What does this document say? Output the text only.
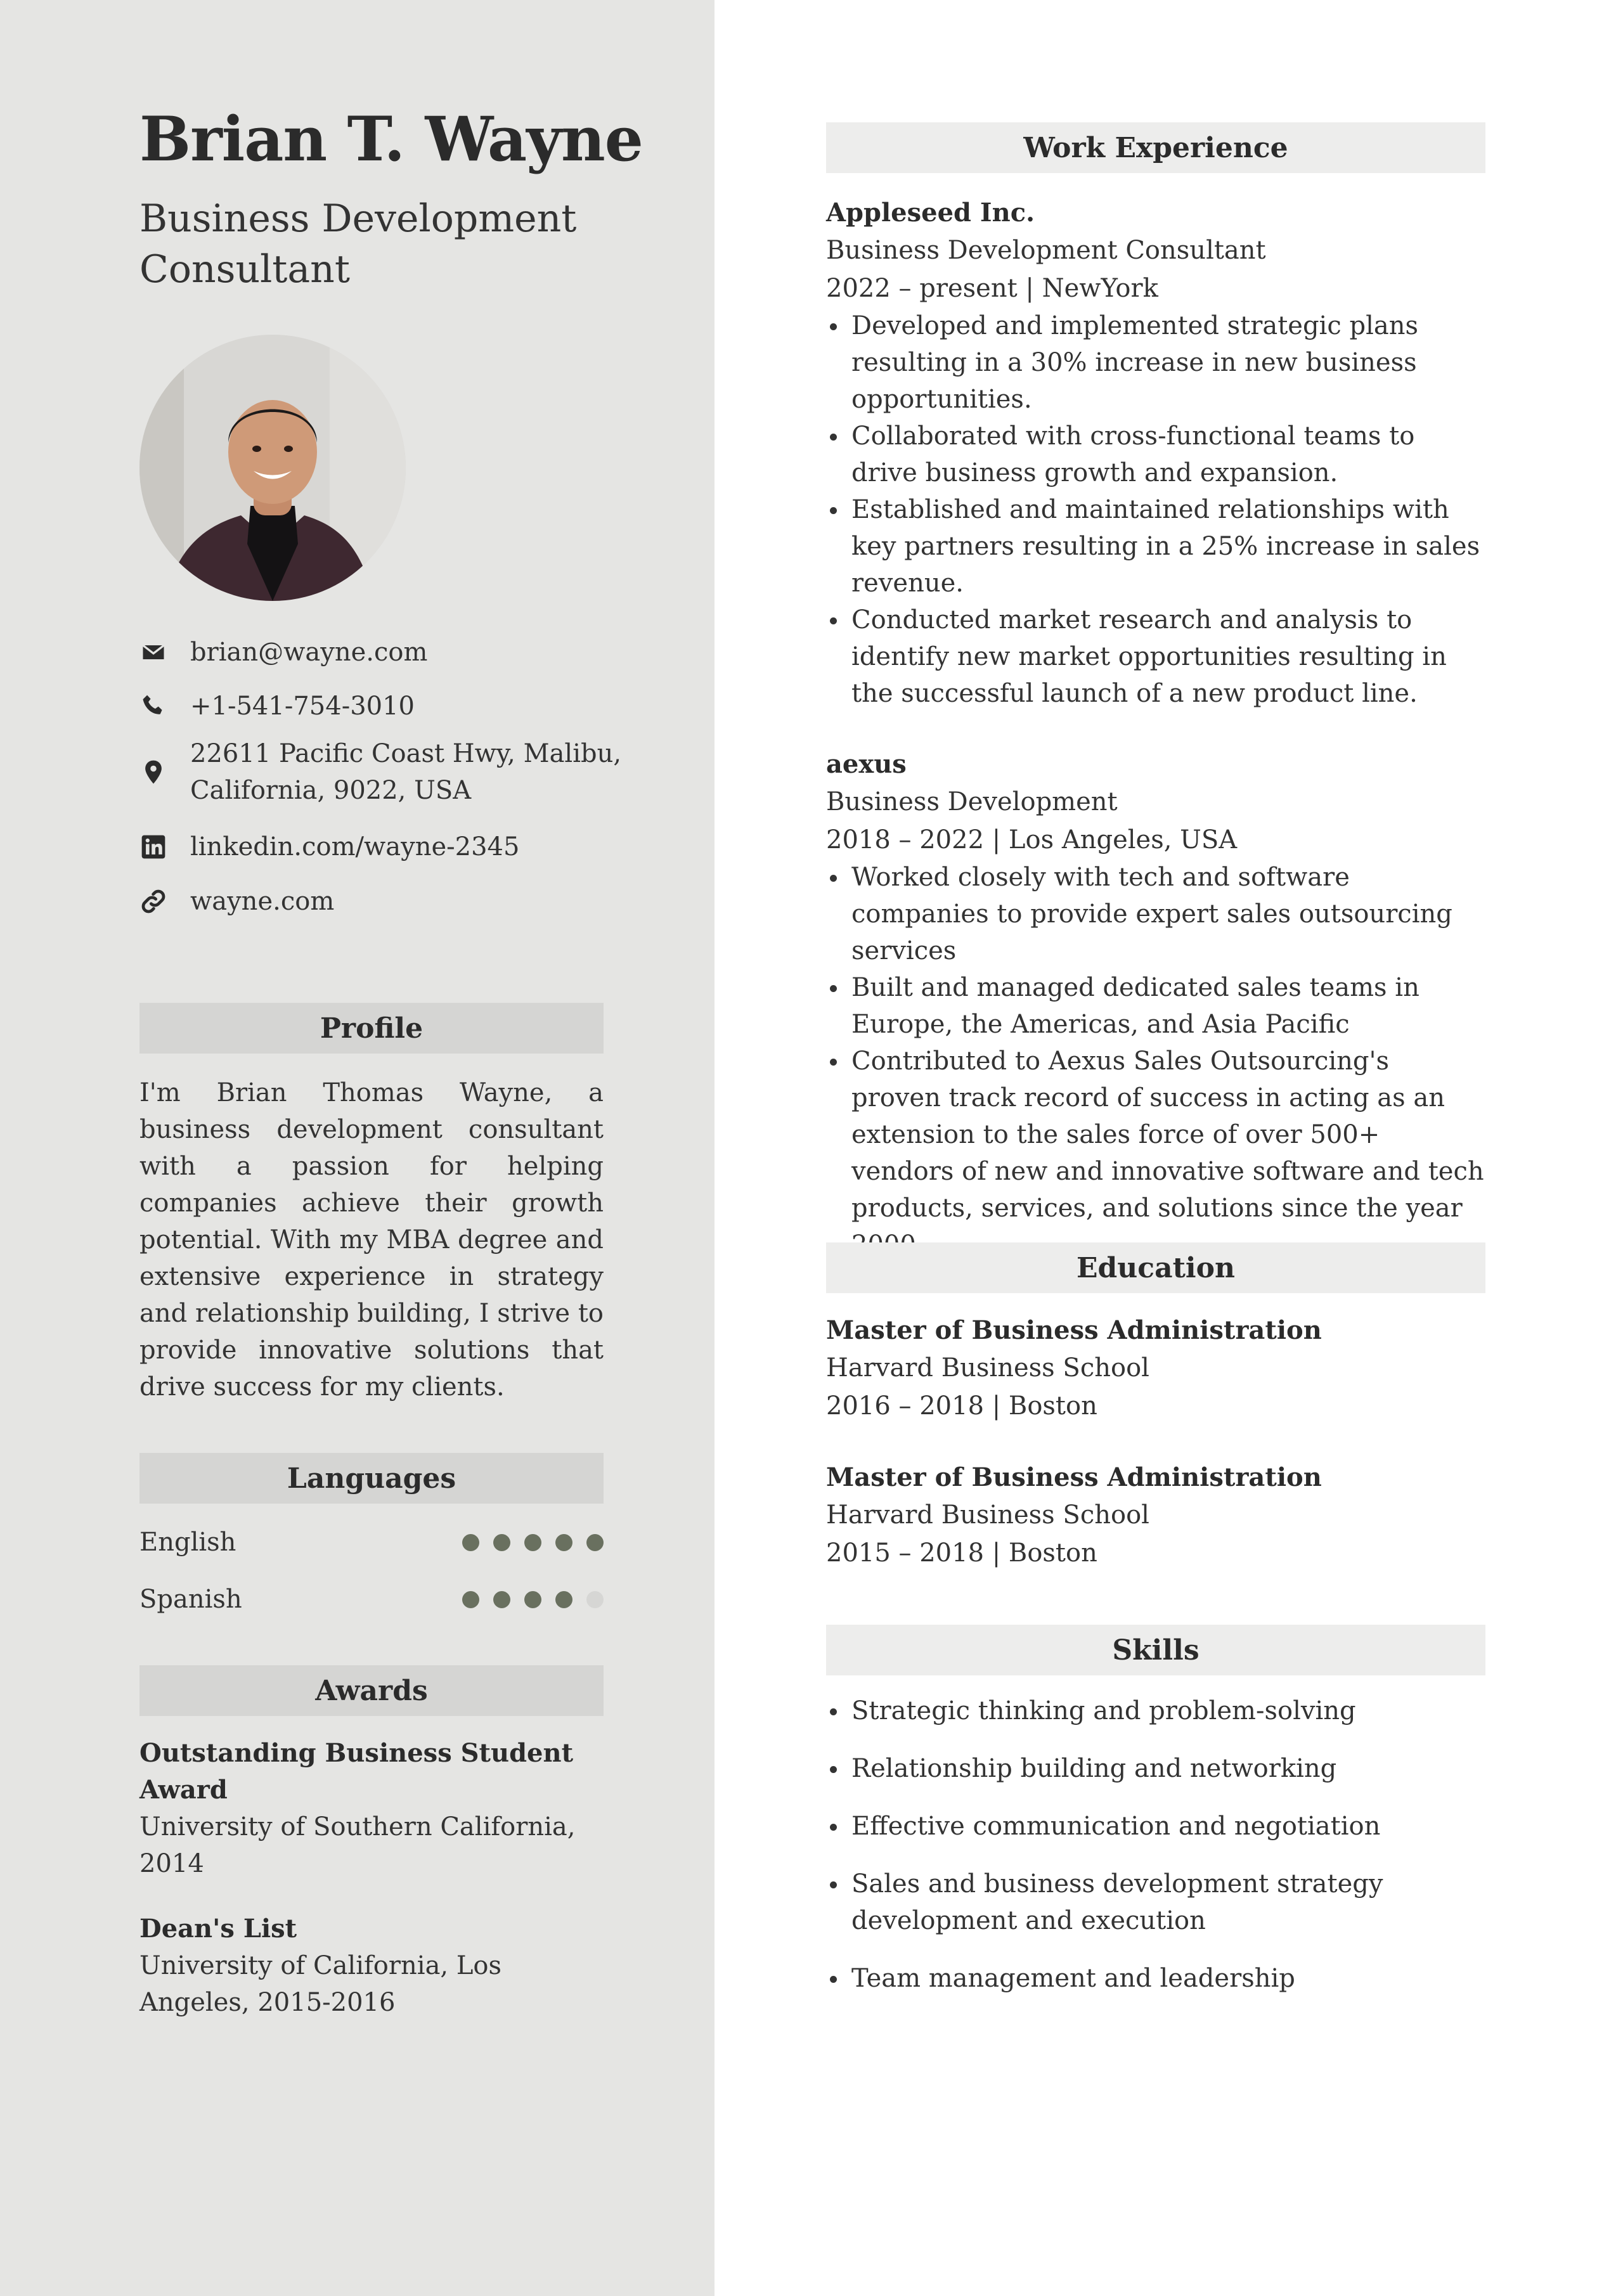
Brian T. Wayne

Business Development Consultant

brian@wayne.com
+1-541-754-3010
22611 Pacific Coast Hwy, Malibu,
California, 9022, USA
linkedin.com/wayne-2345
wayne.com
Profile

I'm Brian Thomas Wayne, a business development consultant with a passion for helping companies achieve their growth potential. With my MBA degree and extensive experience in strategy and relationship building, I strive to provide innovative solutions that drive success for my clients.

Languages
English
Spanish
Awards

Outstanding Business Student Award

University of Southern California, 2014

Dean's List

University of California, Los Angeles, 2015-2016

Work Experience

Appleseed Inc.

Business Development Consultant

2022 – present | NewYork

Developed and implemented strategic plans resulting in a 30% increase in new business opportunities.
Collaborated with cross-functional teams to drive business growth and expansion.
Established and maintained relationships with key partners resulting in a 25% increase in sales revenue.
Conducted market research and analysis to identify new market opportunities resulting in the successful launch of a new product line.

aexus

Business Development

2018 – 2022 | Los Angeles, USA

Worked closely with tech and software companies to provide expert sales outsourcing services
Built and managed dedicated sales teams in Europe, the Americas, and Asia Pacific
Contributed to Aexus Sales Outsourcing's proven track record of success in acting as an extension to the sales force of over 500+ vendors of new and innovative software and tech products, services, and solutions since the year
Education

Master of Business Administration

Harvard Business School

2016 – 2018 | Boston

Master of Business Administration

Harvard Business School

2015 – 2018 | Boston

Skills
Strategic thinking and problem-solving
Relationship building and networking
Effective communication and negotiation
Sales and business development strategy development and execution
Team management and leadership
